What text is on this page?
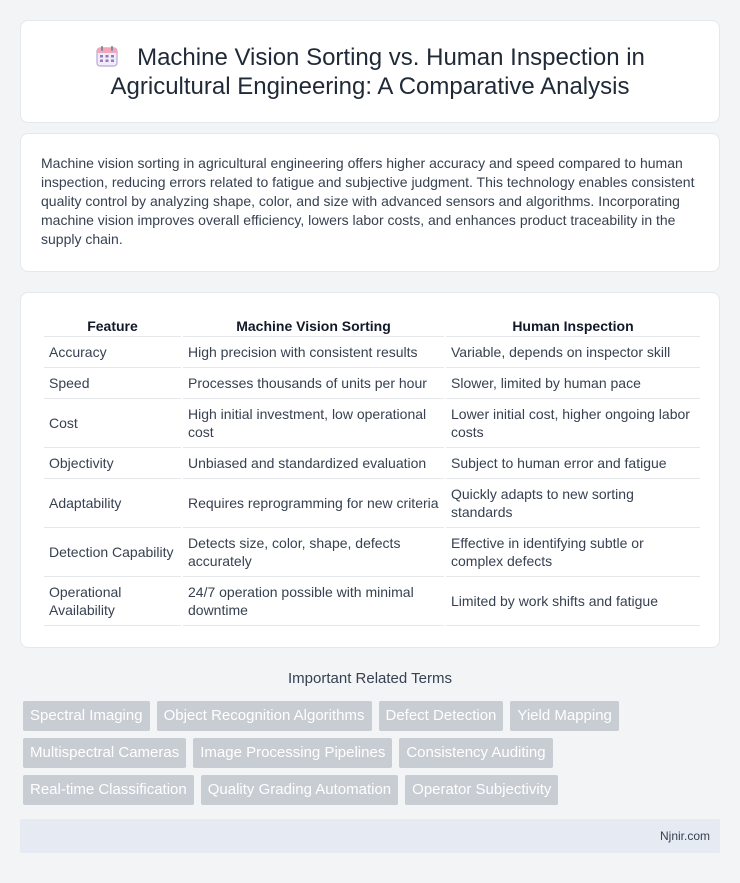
Machine Vision Sorting vs. Human Inspection in Agricultural Engineering: A Comparative Analysis

Machine vision sorting in agricultural engineering offers higher accuracy and speed compared to human inspection, reducing errors related to fatigue and subjective judgment. This technology enables consistent quality control by analyzing shape, color, and size with advanced sensors and algorithms. Incorporating machine vision improves overall efficiency, lowers labor costs, and enhances product traceability in the supply chain.

Feature	Machine Vision Sorting	Human Inspection
Accuracy	High precision with consistent results	Variable, depends on inspector skill
Speed	Processes thousands of units per hour	Slower, limited by human pace
Cost	High initial investment, low operational cost	Lower initial cost, higher ongoing labor costs
Objectivity	Unbiased and standardized evaluation	Subject to human error and fatigue
Adaptability	Requires reprogramming for new criteria	Quickly adapts to new sorting standards
Detection Capability	Detects size, color, shape, defects accurately	Effective in identifying subtle or complex defects
Operational Availability	24/7 operation possible with minimal downtime	Limited by work shifts and fatigue
Important Related Terms
Spectral Imaging	Object Recognition Algorithms	Defect Detection	Yield Mapping
Multispectral Cameras	Image Processing Pipelines	Consistency Auditing
Real-time Classification	Quality Grading Automation	Operator Subjectivity
Njnir.com
